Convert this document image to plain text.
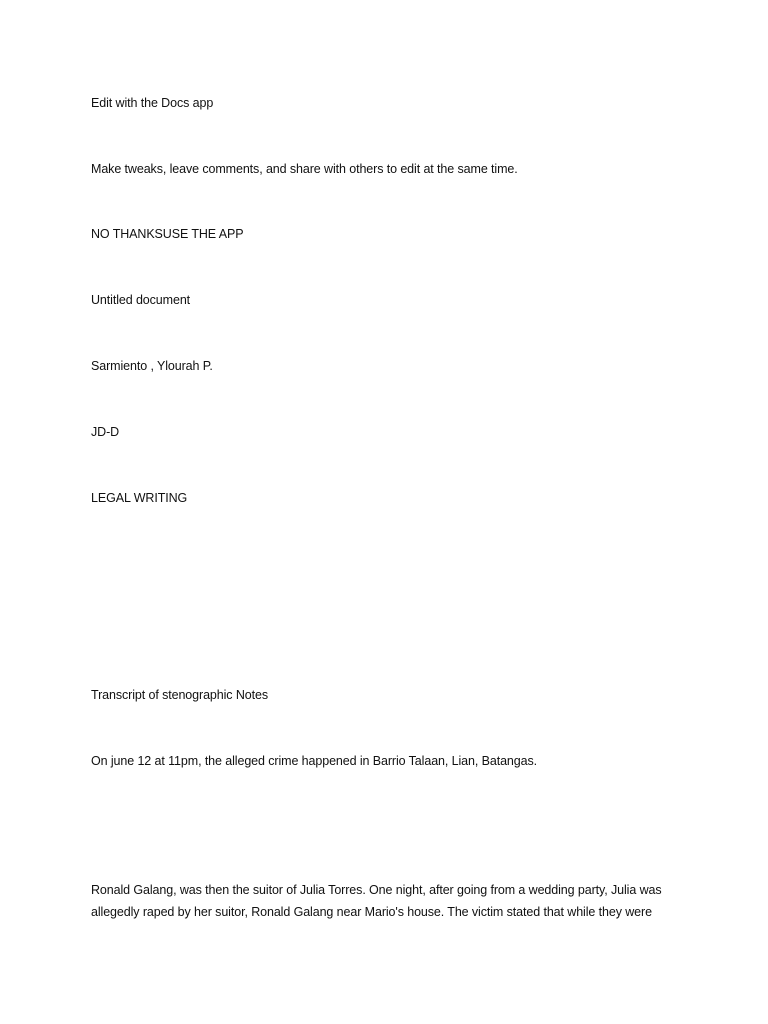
Edit with the Docs app
Make tweaks, leave comments, and share with others to edit at the same time.
NO THANKSUSE THE APP
Untitled document
Sarmiento , Ylourah P.
JD-D
LEGAL WRITING
Transcript of stenographic Notes
On june 12 at 11pm, the alleged crime happened in Barrio Talaan, Lian, Batangas.
Ronald Galang, was then the suitor of Julia Torres. One night, after going from a wedding party, Julia was
allegedly raped by her suitor, Ronald Galang near Mario's house. The victim stated that while they were
